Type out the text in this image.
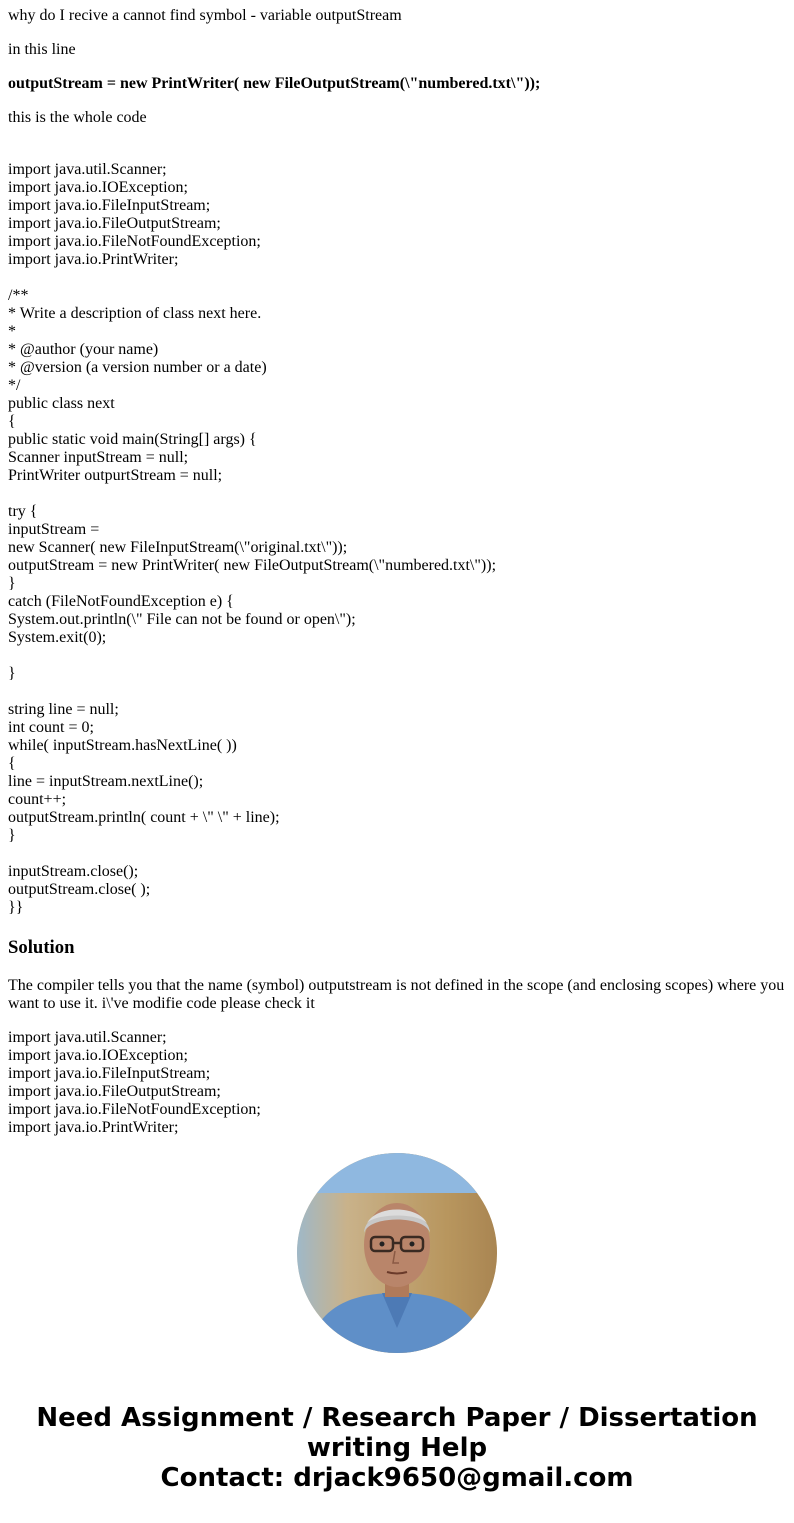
why do I recive a cannot find symbol - variable outputStream

in this line

outputStream = new PrintWriter( new FileOutputStream(\"numbered.txt\"));

this is the whole code

import java.util.Scanner;
import java.io.IOException;
import java.io.FileInputStream;
import java.io.FileOutputStream;
import java.io.FileNotFoundException;
import java.io.PrintWriter;
/**
* Write a description of class next here.
*
* @author (your name)
* @version (a version number or a date)
*/
public class next
{
public static void main(String[] args) {
Scanner inputStream = null;
PrintWriter outpurtStream = null;
try {
inputStream =
new Scanner( new FileInputStream(\"original.txt\"));
outputStream = new PrintWriter( new FileOutputStream(\"numbered.txt\"));
}
catch (FileNotFoundException e) {
System.out.println(\" File can not be found or open\");
System.exit(0);
}
string line = null;
int count = 0;
while( inputStream.hasNextLine( ))
{
line = inputStream.nextLine();
count++;
outputStream.println( count + \" \" + line);
}
inputStream.close();
outputStream.close( );
}}
Solution

The compiler tells you that the name (symbol) outputstream is not defined in the scope (and enclosing scopes) where you want to use it. i\'ve modifie code please check it

import java.util.Scanner;
import java.io.IOException;
import java.io.FileInputStream;
import java.io.FileOutputStream;
import java.io.FileNotFoundException;
import java.io.PrintWriter;
Need Assignment / Research Paper / Dissertation
writing Help
Contact: drjack9650@gmail.com
